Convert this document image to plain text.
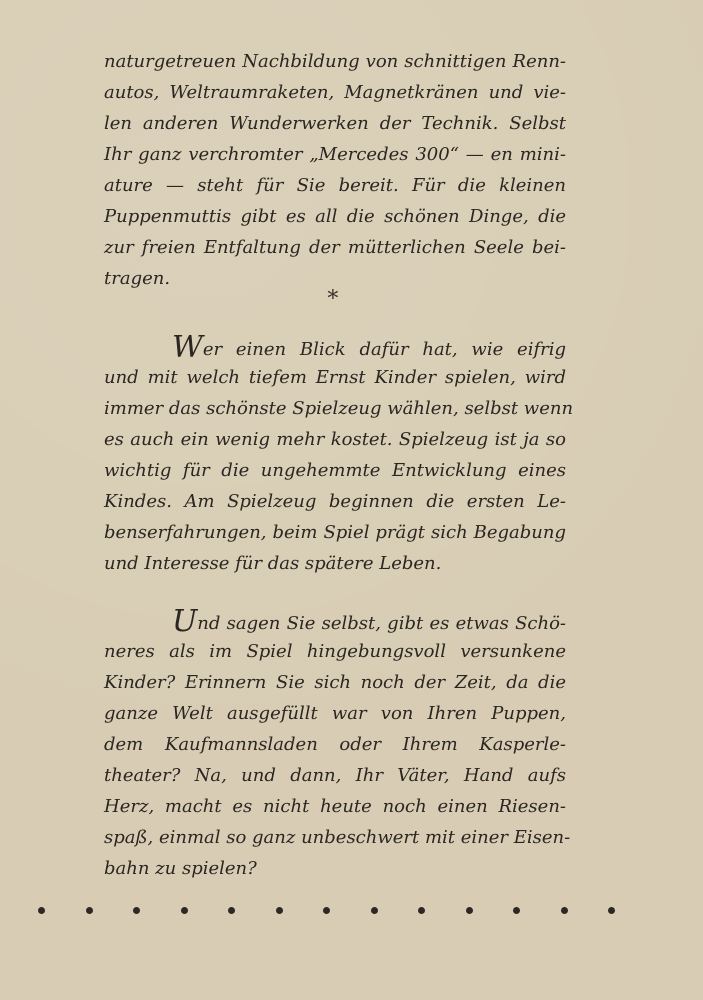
naturgetreuen Nachbildung von schnittigen Renn-
autos, Weltraumraketen, Magnetkränen und vie-
len anderen Wunderwerken der Technik. Selbst
Ihr ganz verchromter „Mercedes 300“ — en mini-
ature — steht für Sie bereit. Für die kleinen
Puppenmuttis gibt es all die schönen Dinge, die
zur freien Entfaltung der mütterlichen Seele bei-
tragen.
∗
Wer einen Blick dafür hat, wie eifrig
und mit welch tiefem Ernst Kinder spielen, wird
immer das schönste Spielzeug wählen, selbst wenn
es auch ein wenig mehr kostet. Spielzeug ist ja so
wichtig für die ungehemmte Entwicklung eines
Kindes. Am Spielzeug beginnen die ersten Le-
benserfahrungen, beim Spiel prägt sich Begabung
und Interesse für das spätere Leben.
Und sagen Sie selbst, gibt es etwas Schö-
neres als im Spiel hingebungsvoll versunkene
Kinder? Erinnern Sie sich noch der Zeit, da die
ganze Welt ausgefüllt war von Ihren Puppen,
dem Kaufmannsladen oder Ihrem Kasperle-
theater? Na, und dann, Ihr Väter, Hand aufs
Herz, macht es nicht heute noch einen Riesen-
spaß, einmal so ganz unbeschwert mit einer Eisen-
bahn zu spielen?
